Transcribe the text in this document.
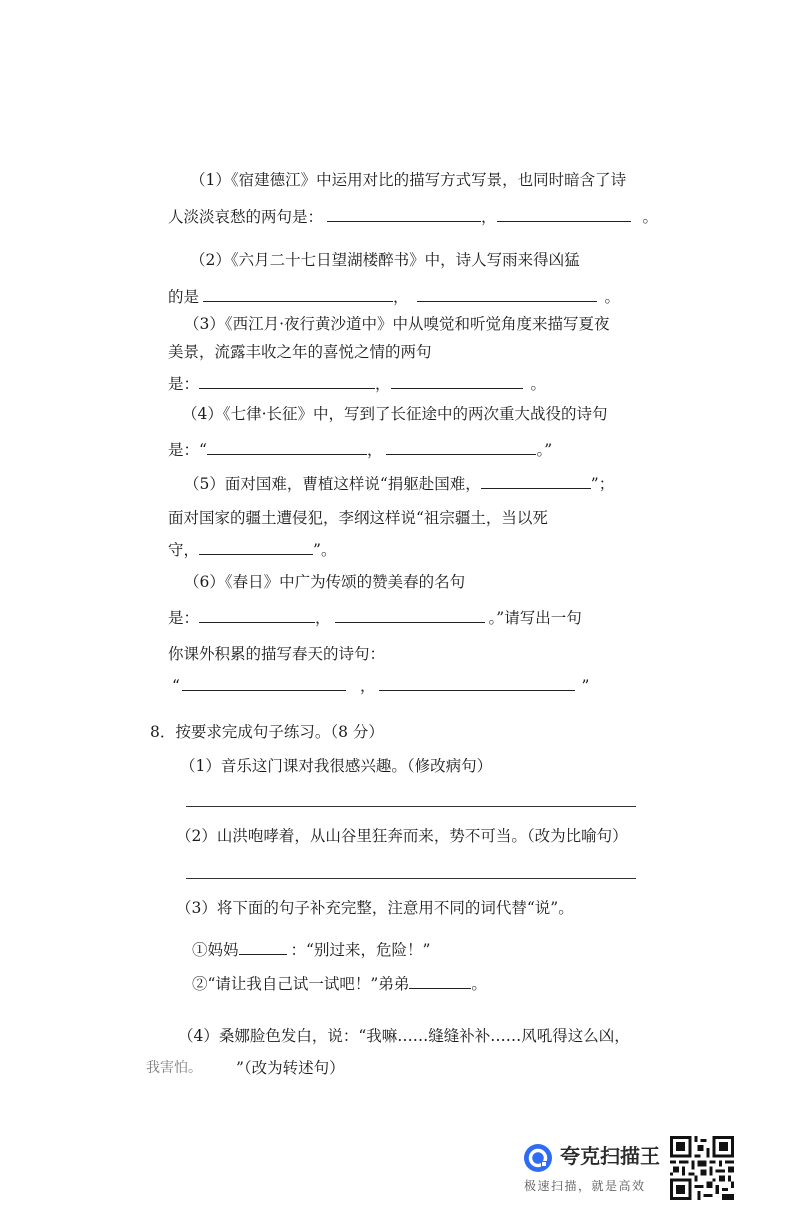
（1）《宿建德江》中运用对比的描写方式写景，也同时暗含了诗
人淡淡哀愁的两句是：	，	。
（2）《六月二十七日望湖楼醉书》中，诗人写雨来得凶猛
的是	，	。
（3）《西江月·夜行黄沙道中》中从嗅觉和听觉角度来描写夏夜
美景，流露丰收之年的喜悦之情的两句
是：	，	。
（4）《七律·长征》中，写到了长征途中的两次重大战役的诗句
是：“	，	。”
（5）面对国难，曹植这样说“捐躯赴国难，	”；
面对国家的疆土遭侵犯，李纲这样说“祖宗疆土，当以死
守，	”。
（6）《春日》中广为传颂的赞美春的名句
是：	，	。”请写出一句
你课外积累的描写春天的诗句：
“	，	”
8．按要求完成句子练习。（8 分）
（1）音乐这门课对我很感兴趣。（修改病句）
（2）山洪咆哮着，从山谷里狂奔而来，势不可当。（改为比喻句）
（3）将下面的句子补充完整，注意用不同的词代替“说”。
①妈妈	：“别过来，危险！”
②“请让我自己试一试吧！”弟弟	。
（4）桑娜脸色发白，说：“我嘛……缝缝补补……风吼得这么凶，
我害怕。 ”（改为转述句）
夸克扫描王
极速扫描，就是高效
